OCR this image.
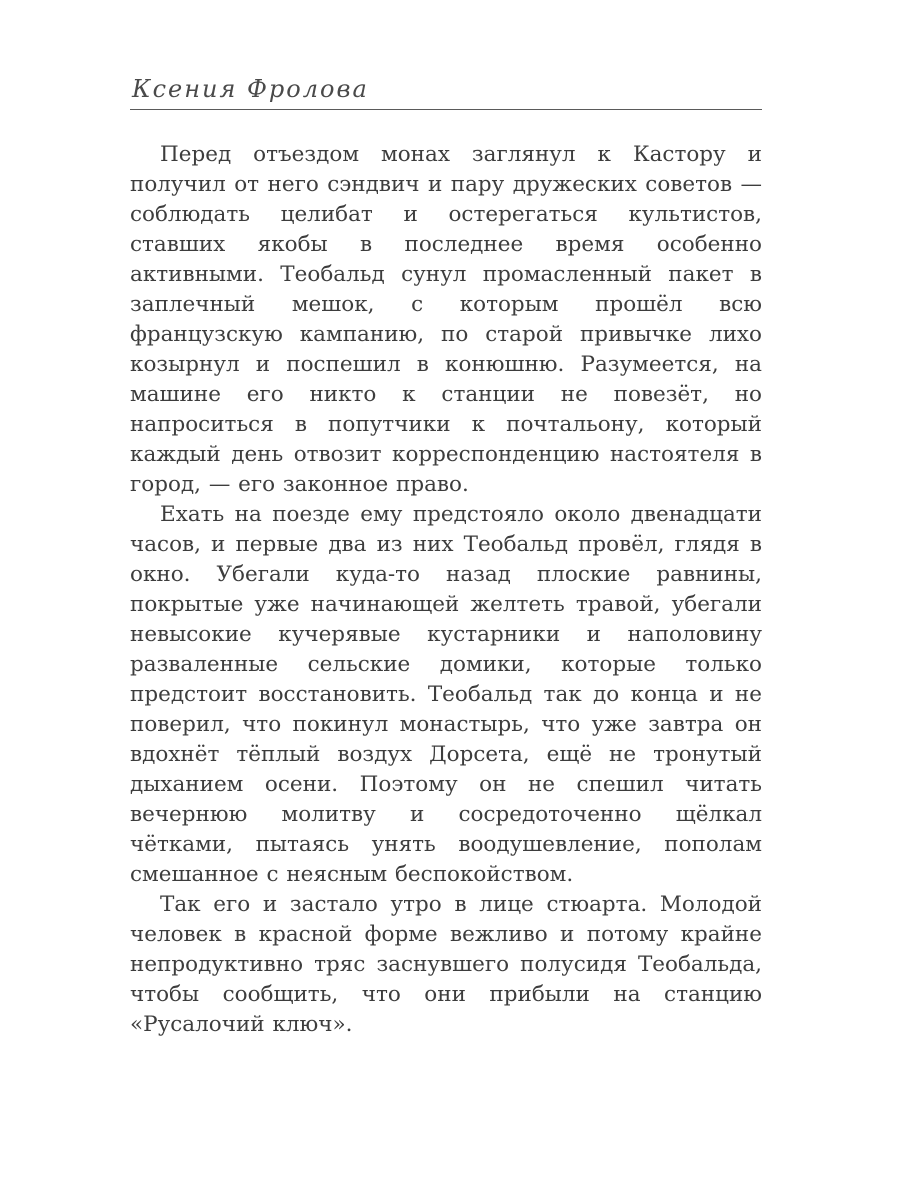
Ксения Фролова

Перед отъездом монах заглянул к Кастору и получил от него сэндвич и пару дружеских советов — соблюдать целибат и остерегаться культистов, ставших якобы в последнее время особенно активными. Теобальд сунул промасленный пакет в заплечный мешок, с которым прошёл всю французскую кампанию, по старой привычке лихо козырнул и поспешил в конюшню. Разумеется, на машине его никто к станции не повезёт, но напроситься в попутчики к почтальону, который каждый день отвозит корреспонденцию настоятеля в город, — его законное право.

Ехать на поезде ему предстояло около двенадцати часов, и первые два из них Теобальд провёл, глядя в окно. Убегали куда-то назад плоские равнины, покрытые уже начинающей желтеть травой, убегали невысокие кучерявые кустарники и наполовину разваленные сельские домики, которые только предстоит восстановить. Теобальд так до конца и не поверил, что покинул монастырь, что уже завтра он вдохнёт тёплый воздух Дорсета, ещё не тронутый дыханием осени. Поэтому он не спешил читать вечернюю молитву и сосредоточенно щёлкал чётками, пытаясь унять воодушевление, пополам смешанное с неясным беспокойством.

Так его и застало утро в лице стюарта. Молодой человек в красной форме вежливо и потому крайне непродуктивно тряс заснувшего полусидя Теобальда, чтобы сообщить, что они прибыли на станцию «Русалочий ключ».
